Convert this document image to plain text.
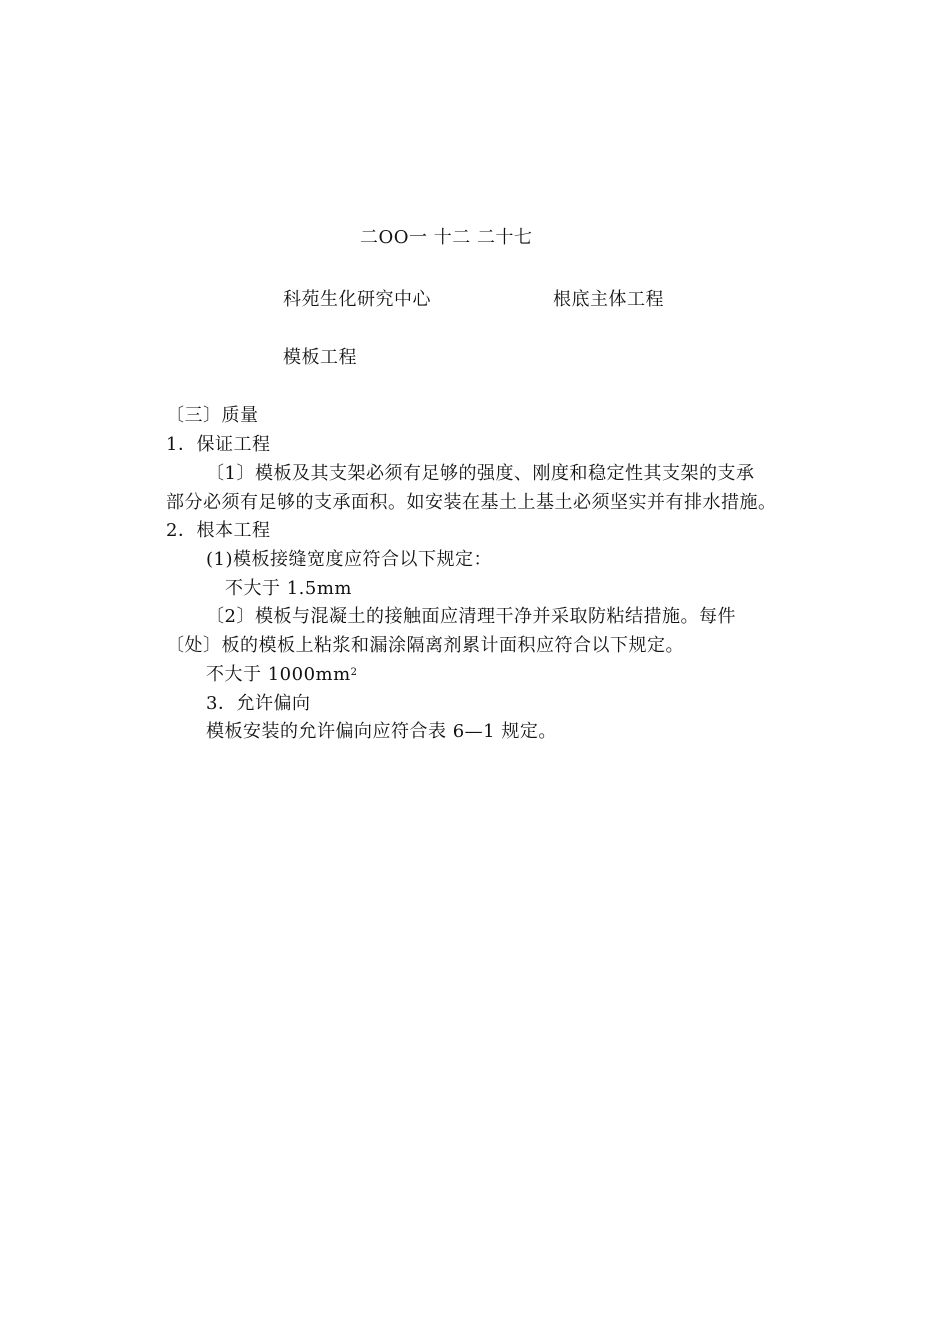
二OO一 十二 二十七
科苑生化研究中心	根底主体工程
模板工程
〔三〕质量
1．保证工程
〔1〕模板及其支架必须有足够的强度、刚度和稳定性其支架的支承
部分必须有足够的支承面积。如安装在基土上基土必须坚实并有排水措施。
2．根本工程
(1)模板接缝宽度应符合以下规定：
不大于 1.5mm
〔2〕模板与混凝土的接触面应清理干净并采取防粘结措施。每件
〔处〕板的模板上粘浆和漏涂隔离剂累计面积应符合以下规定。
不大于 $1000mm^2$
3．允许偏向
模板安装的允许偏向应符合表 6—1 规定。
